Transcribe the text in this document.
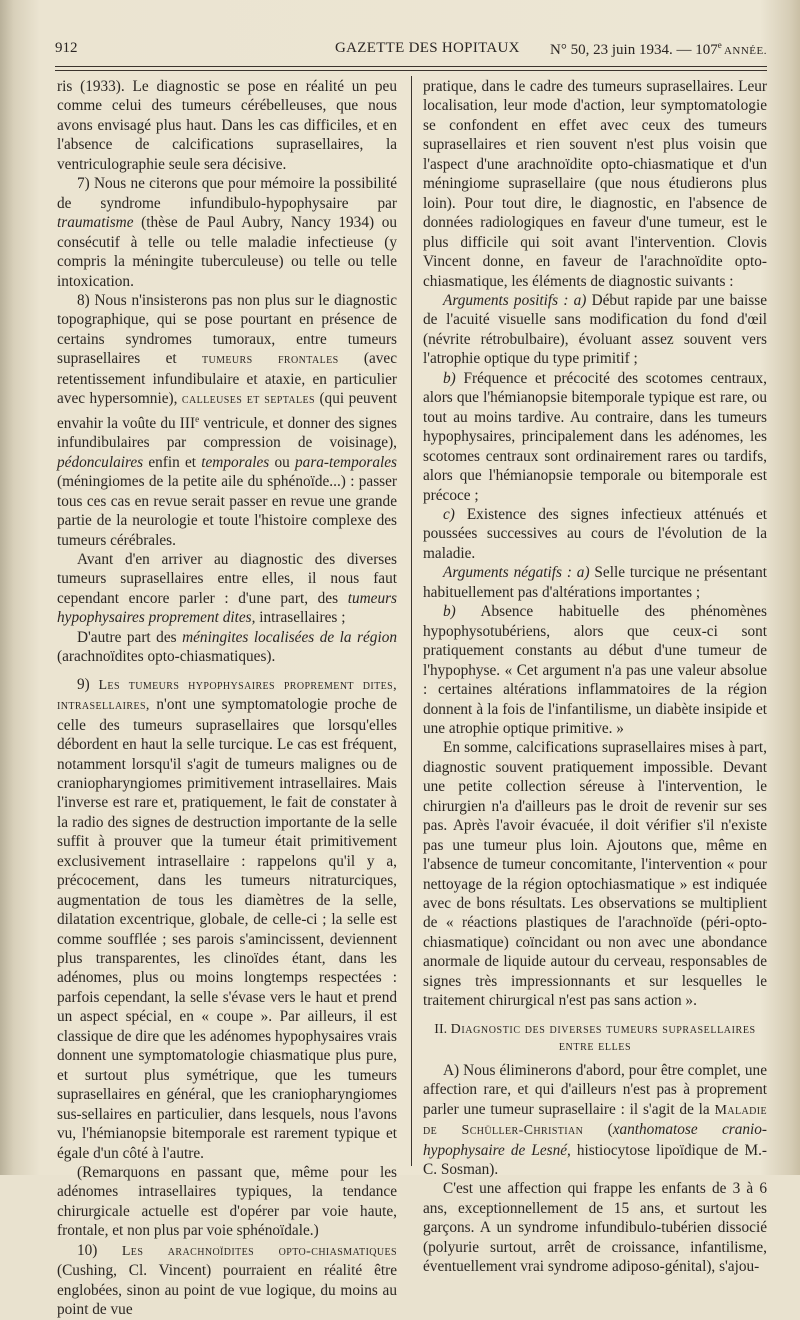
912	GAZETTE DES HOPITAUX N° 50, 23 juin 1934. — 107e ANNÉE.

ris (1933). Le diagnostic se pose en réalité un peu comme celui des tumeurs cérébelleuses, que nous avons envisagé plus haut. Dans les cas difficiles, et en l'absence de calcifications suprasellaires, la ventriculographie seule sera décisive.

7) Nous ne citerons que pour mémoire la possibilité de syndrome infundibulo-hypophysaire par traumatisme (thèse de Paul Aubry, Nancy 1934) ou consécutif à telle ou telle maladie infectieuse (y compris la méningite tuberculeuse) ou telle ou telle intoxication.

8) Nous n'insisterons pas non plus sur le diagnostic topographique, qui se pose pourtant en présence de certains syndromes tumoraux, entre tumeurs suprasellaires et tumeurs frontales (avec retentissement infundibulaire et ataxie, en particulier avec hypersomnie), calleuses et septales (qui peuvent envahir la voûte du IIIe ventricule, et donner des signes infundibulaires par compression de voisinage), pédonculaires enfin et temporales ou para-temporales (méningiomes de la petite aile du sphénoïde...) : passer tous ces cas en revue serait passer en revue une grande partie de la neurologie et toute l'histoire complexe des tumeurs cérébrales.

Avant d'en arriver au diagnostic des diverses tumeurs suprasellaires entre elles, il nous faut cependant encore parler : d'une part, des tumeurs hypophysaires proprement dites, intrasellaires ;

D'autre part des méningites localisées de la région (arachnoïdites opto-chiasmatiques).

9) Les tumeurs hypophysaires proprement dites, intrasellaires, n'ont une symptomatologie proche de celle des tumeurs suprasellaires que lorsqu'elles débordent en haut la selle turcique. Le cas est fréquent, notamment lorsqu'il s'agit de tumeurs malignes ou de craniopharyngiomes primitivement intrasellaires. Mais l'inverse est rare et, pratiquement, le fait de constater à la radio des signes de destruction importante de la selle suffit à prouver que la tumeur était primitivement exclusivement intrasellaire : rappelons qu'il y a, précocement, dans les tumeurs nitraturciques, augmentation de tous les diamètres de la selle, dilatation excentrique, globale, de celle-ci ; la selle est comme soufflée ; ses parois s'amincissent, deviennent plus transparentes, les clinoïdes étant, dans les adénomes, plus ou moins longtemps respectées : parfois cependant, la selle s'évase vers le haut et prend un aspect spécial, en « coupe ». Par ailleurs, il est classique de dire que les adénomes hypophysaires vrais donnent une symptomatologie chiasmatique plus pure, et surtout plus symétrique, que les tumeurs suprasellaires en général, que les craniopharyngiomes sus-sellaires en particulier, dans lesquels, nous l'avons vu, l'hémianopsie bitemporale est rarement typique et égale d'un côté à l'autre.

(Remarquons en passant que, même pour les adénomes intrasellaires typiques, la tendance chirurgicale actuelle est d'opérer par voie haute, frontale, et non plus par voie sphénoïdale.)

10) Les arachnoïdites opto-chiasmatiques (Cushing, Cl. Vincent) pourraient en réalité être englobées, sinon au point de vue logique, du moins au point de vue

pratique, dans le cadre des tumeurs suprasellaires. Leur localisation, leur mode d'action, leur symptomatologie se confondent en effet avec ceux des tumeurs suprasellaires et rien souvent n'est plus voisin que l'aspect d'une arachnoïdite opto-chiasmatique et d'un méningiome suprasellaire (que nous étudierons plus loin). Pour tout dire, le diagnostic, en l'absence de données radiologiques en faveur d'une tumeur, est le plus difficile qui soit avant l'intervention. Clovis Vincent donne, en faveur de l'arachnoïdite opto-chiasmatique, les éléments de diagnostic suivants :

Arguments positifs : a) Début rapide par une baisse de l'acuité visuelle sans modification du fond d'œil (névrite rétrobulbaire), évoluant assez souvent vers l'atrophie optique du type primitif ;

b) Fréquence et précocité des scotomes centraux, alors que l'hémianopsie bitemporale typique est rare, ou tout au moins tardive. Au contraire, dans les tumeurs hypophysaires, principalement dans les adénomes, les scotomes centraux sont ordinairement rares ou tardifs, alors que l'hémianopsie temporale ou bitemporale est précoce ;

c) Existence des signes infectieux atténués et poussées successives au cours de l'évolution de la maladie.

Arguments négatifs : a) Selle turcique ne présentant habituellement pas d'altérations importantes ;

b) Absence habituelle des phénomènes hypophysotubériens, alors que ceux-ci sont pratiquement constants au début d'une tumeur de l'hypophyse. « Cet argument n'a pas une valeur absolue : certaines altérations inflammatoires de la région donnent à la fois de l'infantilisme, un diabète insipide et une atrophie optique primitive. »

En somme, calcifications suprasellaires mises à part, diagnostic souvent pratiquement impossible. Devant une petite collection séreuse à l'intervention, le chirurgien n'a d'ailleurs pas le droit de revenir sur ses pas. Après l'avoir évacuée, il doit vérifier s'il n'existe pas une tumeur plus loin. Ajoutons que, même en l'absence de tumeur concomitante, l'intervention « pour nettoyage de la région optochiasmatique » est indiquée avec de bons résultats. Les observations se multiplient de « réactions plastiques de l'arachnoïde (péri-opto-chiasmatique) coïncidant ou non avec une abondance anormale de liquide autour du cerveau, responsables de signes très impressionnants et sur lesquelles le traitement chirurgical n'est pas sans action ».

II. Diagnostic des diverses tumeurs suprasellaires
entre elles

A) Nous éliminerons d'abord, pour être complet, une affection rare, et qui d'ailleurs n'est pas à proprement parler une tumeur suprasellaire : il s'agit de la Maladie de Schüller-Christian (xanthomatose cranio-hypophysaire de Lesné, histiocytose lipoïdique de M.-C. Sosman).

C'est une affection qui frappe les enfants de 3 à 6 ans, exceptionnellement de 15 ans, et surtout les garçons. A un syndrome infundibulo-tubérien dissocié (polyurie surtout, arrêt de croissance, infantilisme, éventuellement vrai syndrome adiposo-génital), s'ajou-
